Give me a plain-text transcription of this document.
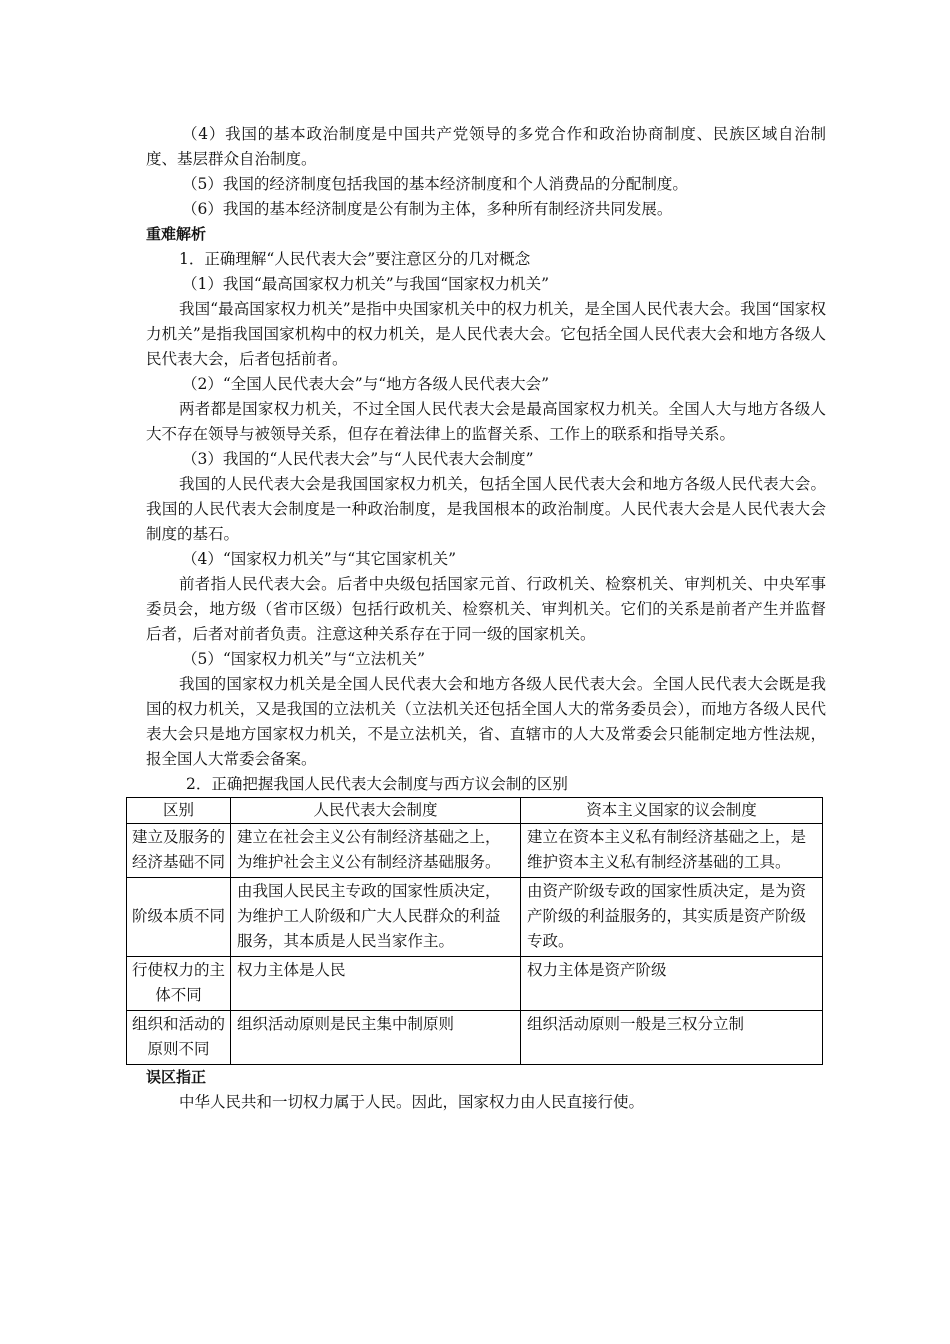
（4）我国的基本政治制度是中国共产党领导的多党合作和政治协商制度、民族区域自治制度、基层群众自治制度。

（5）我国的经济制度包括我国的基本经济制度和个人消费品的分配制度。

（6）我国的基本经济制度是公有制为主体，多种所有制经济共同发展。

重难解析

1．正确理解“人民代表大会”要注意区分的几对概念

（1）我国“最高国家权力机关”与我国“国家权力机关”

我国“最高国家权力机关”是指中央国家机关中的权力机关，是全国人民代表大会。我国“国家权力机关”是指我国国家机构中的权力机关，是人民代表大会。它包括全国人民代表大会和地方各级人民代表大会，后者包括前者。

（2）“全国人民代表大会”与“地方各级人民代表大会”

两者都是国家权力机关，不过全国人民代表大会是最高国家权力机关。全国人大与地方各级人大不存在领导与被领导关系，但存在着法律上的监督关系、工作上的联系和指导关系。

（3）我国的“人民代表大会”与“人民代表大会制度”

我国的人民代表大会是我国国家权力机关，包括全国人民代表大会和地方各级人民代表大会。我国的人民代表大会制度是一种政治制度，是我国根本的政治制度。人民代表大会是人民代表大会制度的基石。

（4）“国家权力机关”与“其它国家机关”

前者指人民代表大会。后者中央级包括国家元首、行政机关、检察机关、审判机关、中央军事委员会，地方级（省市区级）包括行政机关、检察机关、审判机关。它们的关系是前者产生并监督后者，后者对前者负责。注意这种关系存在于同一级的国家机关。

（5）“国家权力机关”与“立法机关”

我国的国家权力机关是全国人民代表大会和地方各级人民代表大会。全国人民代表大会既是我国的权力机关，又是我国的立法机关（立法机关还包括全国人大的常务委员会），而地方各级人民代表大会只是地方国家权力机关，不是立法机关，省、直辖市的人大及常委会只能制定地方性法规，报全国人大常委会备案。

2．正确把握我国人民代表大会制度与西方议会制的区别

区别	人民代表大会制度	资本主义国家的议会制度
建立及服务的经济基础不同	建立在社会主义公有制经济基础之上，为维护社会主义公有制经济基础服务。	建立在资本主义私有制经济基础之上，是维护资本主义私有制经济基础的工具。
阶级本质不同	由我国人民民主专政的国家性质决定，为维护工人阶级和广大人民群众的利益服务，其本质是人民当家作主。	由资产阶级专政的国家性质决定，是为资产阶级的利益服务的，其实质是资产阶级专政。
行使权力的主体不同	权力主体是人民	权力主体是资产阶级
组织和活动的原则不同	组织活动原则是民主集中制原则	组织活动原则一般是三权分立制

误区指正

中华人民共和一切权力属于人民。因此，国家权力由人民直接行使。
